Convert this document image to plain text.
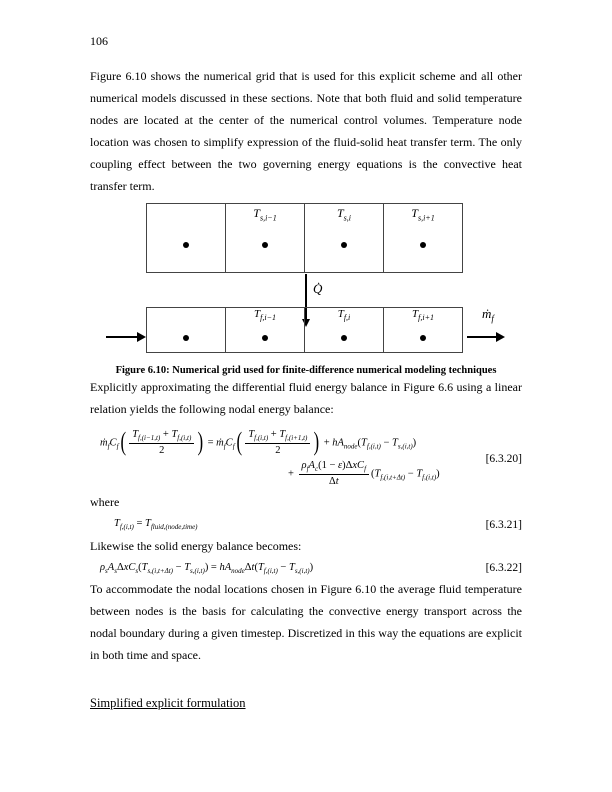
106

Figure 6.10 shows the numerical grid that is used for this explicit scheme and all other numerical models discussed in these sections. Note that both fluid and solid temperature nodes are located at the center of the numerical control volumes. Temperature node location was chosen to simplify expression of the fluid-solid heat transfer term. The only coupling effect between the two governing energy equations is the convective heat transfer term.

$T_{s,i-1}$	$T_{s,i}$	$T_{s,i+1}$
Q̇
$T_{f,i-1}$	$T_{f,i}$	$T_{f,i+1}$	ṁ$_f$
Figure 6.10: Numerical grid used for finite-difference numerical modeling techniques

Explicitly approximating the differential fluid energy balance in Figure 6.6 using a linear relation yields the following nodal energy balance:

$ṁ_fC_f( \frac{T_{f,(i-1,t)} + T_{f,(i,t)}}{2}$ ) = $ṁ_fC_f( \frac{T_{f,(i,t)} + T_{f,(i+1,t)}}{2}$ ) + $hA_{node}(T_{f,(i,t)} - T_{s,(i,t)})$
+ $\frac{\rho_fA_c(1 - \varepsilon)\Delta xC_f}{\Delta t} (T_{f,(i,t+\Delta t)} - T_{f,(i,t)})$
[6.3.20]

where

$T_{f,(i,t)} = T_{fluid,(node,time)}$	[6.3.21]

Likewise the solid energy balance becomes:

$\rho_sA_s\Delta xC_s(T_{s,(i,t+\Delta t)} - T_{s,(i,t)}) = hA_{node}\Delta t(T_{f,(i,t)} - T_{s,(i,t)})$	[6.3.22]

To accommodate the nodal locations chosen in Figure 6.10 the average fluid temperature between nodes is the basis for calculating the convective energy transport across the nodal boundary during a given timestep. Discretized in this way the equations are explicit in both time and space.

Simplified explicit formulation
